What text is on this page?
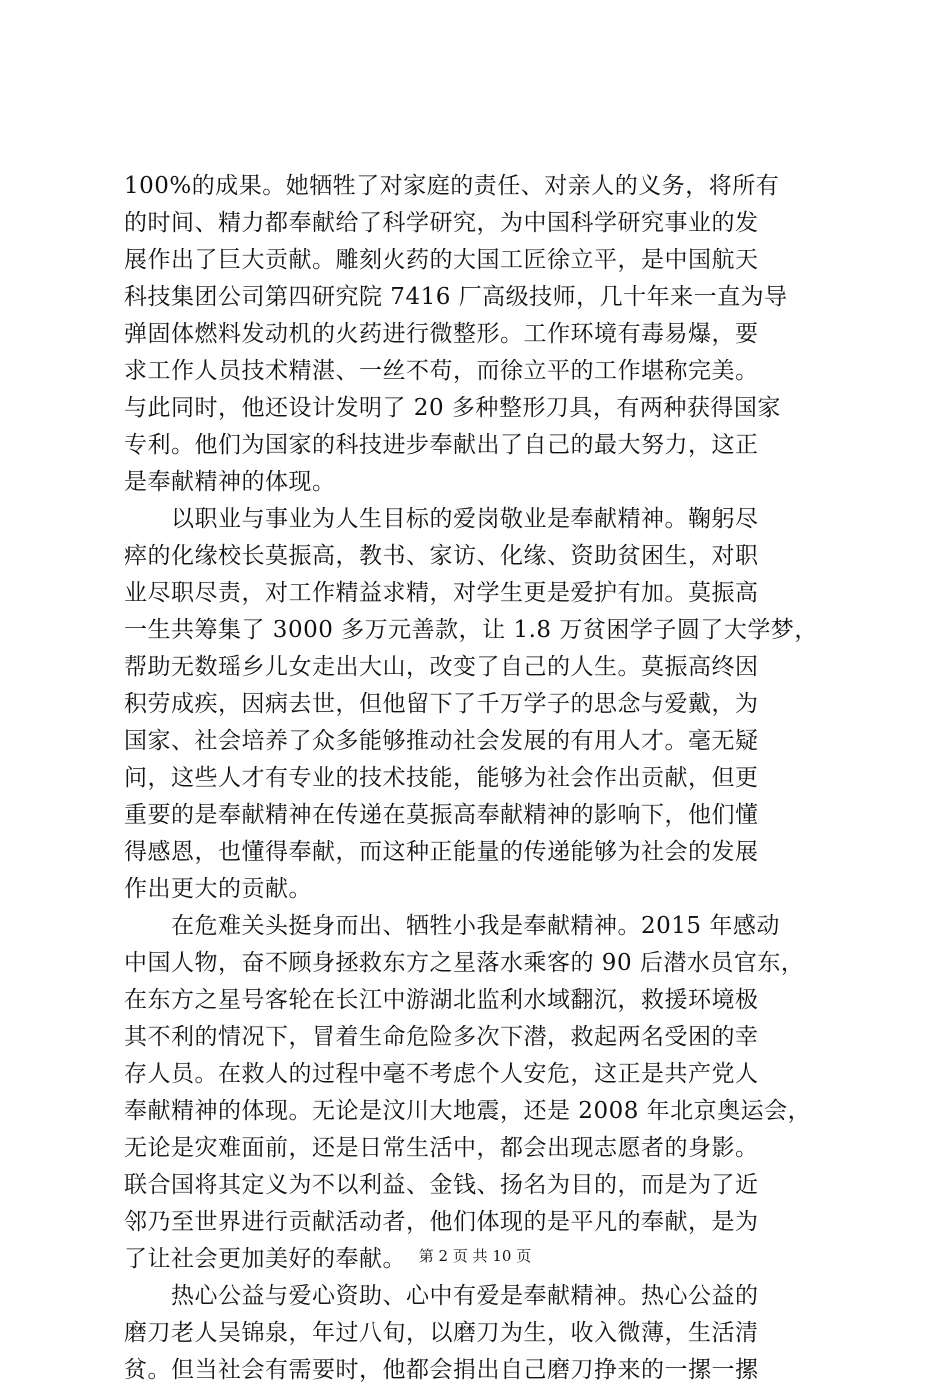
100%的成果。她牺牲了对家庭的责任、对亲人的义务，将所有
的时间、精力都奉献给了科学研究，为中国科学研究事业的发
展作出了巨大贡献。雕刻火药的大国工匠徐立平，是中国航天
科技集团公司第四研究院 7416 厂高级技师，几十年来一直为导
弹固体燃料发动机的火药进行微整形。工作环境有毒易爆，要
求工作人员技术精湛、一丝不苟，而徐立平的工作堪称完美。
与此同时，他还设计发明了 20 多种整形刀具，有两种获得国家
专利。他们为国家的科技进步奉献出了自己的最大努力，这正
是奉献精神的体现。
　　以职业与事业为人生目标的爱岗敬业是奉献精神。鞠躬尽
瘁的化缘校长莫振高，教书、家访、化缘、资助贫困生，对职
业尽职尽责，对工作精益求精，对学生更是爱护有加。莫振高
一生共筹集了 3000 多万元善款，让 1.8 万贫困学子圆了大学梦，
帮助无数瑶乡儿女走出大山，改变了自己的人生。莫振高终因
积劳成疾，因病去世，但他留下了千万学子的思念与爱戴，为
国家、社会培养了众多能够推动社会发展的有用人才。毫无疑
问，这些人才有专业的技术技能，能够为社会作出贡献，但更
重要的是奉献精神在传递在莫振高奉献精神的影响下，他们懂
得感恩，也懂得奉献，而这种正能量的传递能够为社会的发展
作出更大的贡献。
　　在危难关头挺身而出、牺牲小我是奉献精神。2015 年感动
中国人物，奋不顾身拯救东方之星落水乘客的 90 后潜水员官东，
在东方之星号客轮在长江中游湖北监利水域翻沉，救援环境极
其不利的情况下，冒着生命危险多次下潜，救起两名受困的幸
存人员。在救人的过程中毫不考虑个人安危，这正是共产党人
奉献精神的体现。无论是汶川大地震，还是 2008 年北京奥运会，
无论是灾难面前，还是日常生活中，都会出现志愿者的身影。
联合国将其定义为不以利益、金钱、扬名为目的，而是为了近
邻乃至世界进行贡献活动者，他们体现的是平凡的奉献，是为
了让社会更加美好的奉献。
　　热心公益与爱心资助、心中有爱是奉献精神。热心公益的
磨刀老人吴锦泉，年过八旬，以磨刀为生，收入微薄，生活清
贫。但当社会有需要时，他都会捐出自己磨刀挣来的一摞一摞
第 2 页 共 10 页
